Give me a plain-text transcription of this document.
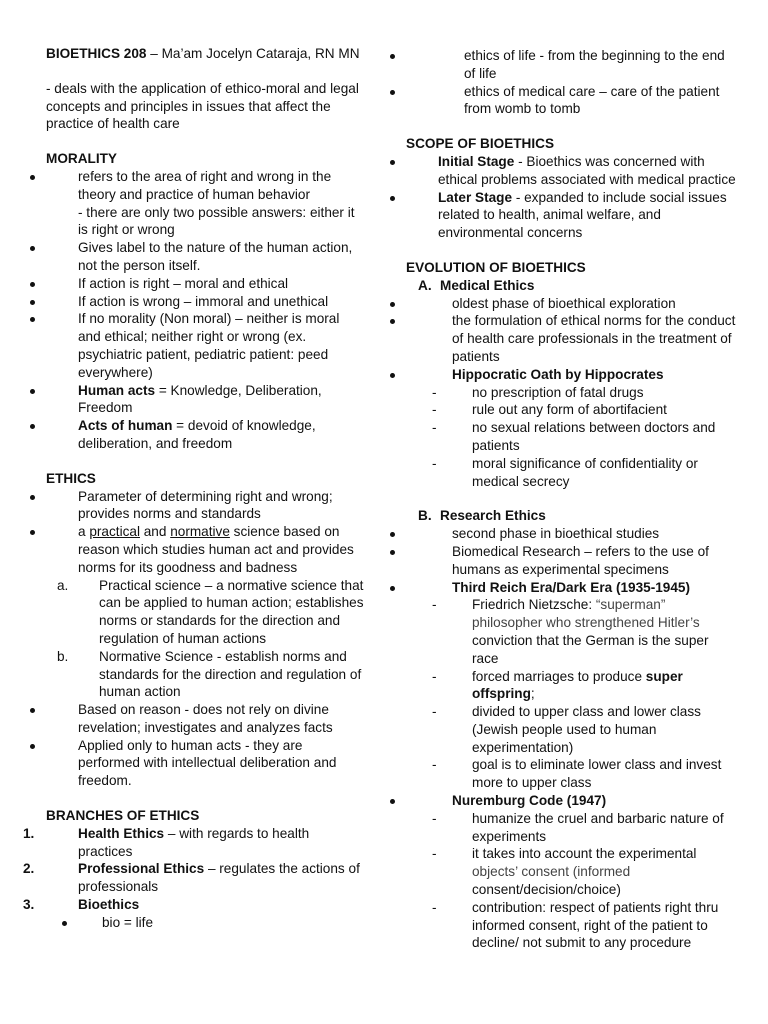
BIOETHICS 208 – Ma’am Jocelyn Cataraja, RN MN

- deals with the application of ethico-moral and legal concepts and principles in issues that affect the practice of health care

MORALITY

refers to the area of right and wrong in the theory and practice of human behavior
- there are only two possible answers: either it is right or wrong
Gives label to the nature of the human action, not the person itself.
If action is right – moral and ethical
If action is wrong – immoral and unethical
If no morality (Non moral) – neither is moral and ethical; neither right or wrong (ex. psychiatric patient, pediatric patient: peed everywhere)
Human acts = Knowledge, Deliberation, Freedom
Acts of human = devoid of knowledge, deliberation, and freedom

ETHICS

Parameter of determining right and wrong; provides norms and standards
a practical and normative science based on reason which studies human act and provides norms for its goodness and badness
a. Practical science – a normative science that can be applied to human action; establishes norms or standards for the direction and regulation of human actions
b. Normative Science - establish norms and standards for the direction and regulation of human action
Based on reason - does not rely on divine revelation; investigates and analyzes facts
Applied only to human acts - they are performed with intellectual deliberation and freedom.

BRANCHES OF ETHICS

1.	Health Ethics – with regards to health practices
2.	Professional Ethics – regulates the actions of professionals
3.	Bioethics
bio = life
ethics of life - from the beginning to the end of life
ethics of medical care – care of the patient from womb to tomb

SCOPE OF BIOETHICS

Initial Stage - Bioethics was concerned with ethical problems associated with medical practice
Later Stage - expanded to include social issues related to health, animal welfare, and environmental concerns

EVOLUTION OF BIOETHICS

A. Medical Ethics

oldest phase of bioethical exploration
the formulation of ethical norms for the conduct of health care professionals in the treatment of patients
Hippocratic Oath by Hippocrates
-	no prescription of fatal drugs
-	rule out any form of abortifacient
-	no sexual relations between doctors and patients
-	moral significance of confidentiality or medical secrecy

B. Research Ethics

second phase in bioethical studies
Biomedical Research – refers to the use of humans as experimental specimens
Third Reich Era/Dark Era (1935-1945)
-	Friedrich Nietzsche: “superman” philosopher who strengthened Hitler’s conviction that the German is the super race
-	forced marriages to produce super offspring;
-	divided to upper class and lower class (Jewish people used to human experimentation)
-	goal is to eliminate lower class and invest more to upper class
Nuremburg Code (1947)
-	humanize the cruel and barbaric nature of experiments
-	it takes into account the experimental objects’ consent (informed consent/decision/choice)
-	contribution: respect of patients right thru informed consent, right of the patient to decline/ not submit to any procedure
